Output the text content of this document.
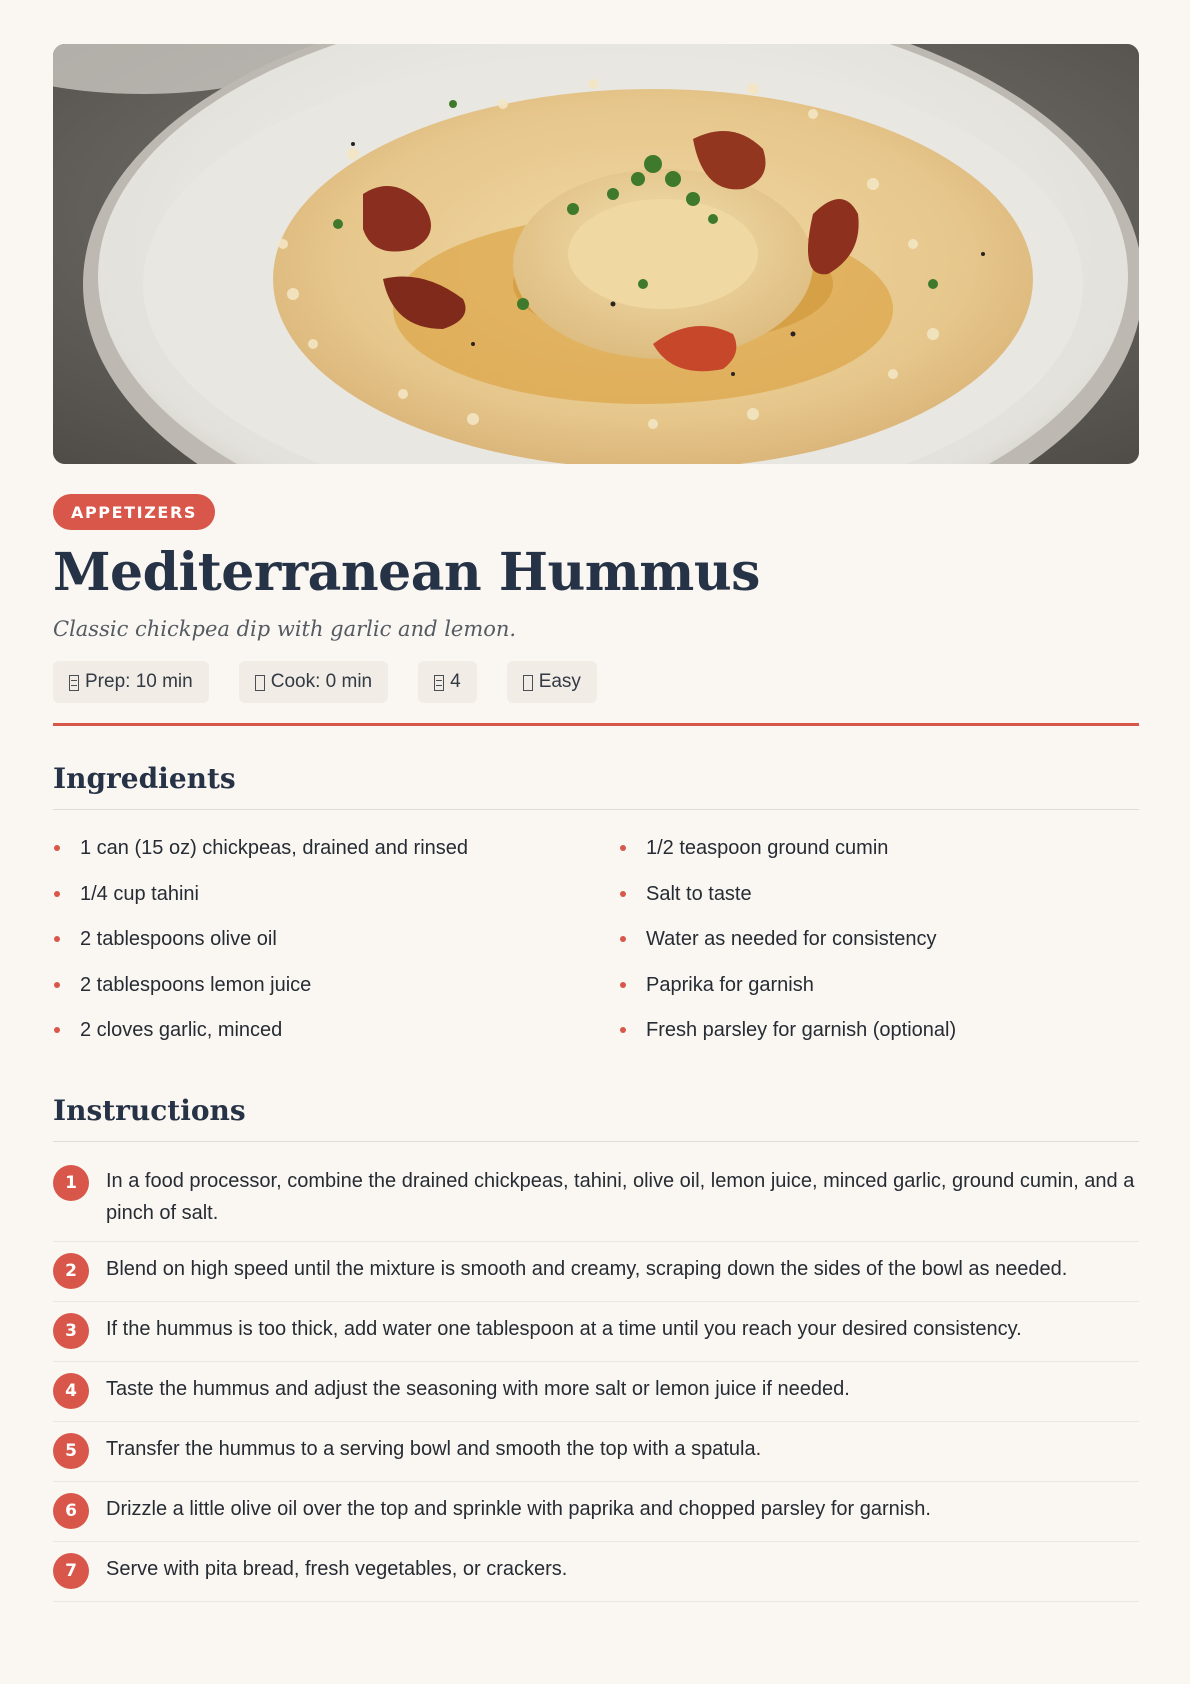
APPETIZERS
Mediterranean Hummus

Classic chickpea dip with garlic and lemon.

Prep: 10 min	Cook: 0 min	4	Easy
Ingredients
1 can (15 oz) chickpeas, drained and rinsed
1/4 cup tahini
2 tablespoons olive oil
2 tablespoons lemon juice
2 cloves garlic, minced
1/2 teaspoon ground cumin
Salt to taste
Water as needed for consistency
Paprika for garnish
Fresh parsley for garnish (optional)
Instructions
1	In a food processor, combine the drained chickpeas, tahini, olive oil, lemon juice, minced garlic, ground cumin, and a pinch of salt.
2	Blend on high speed until the mixture is smooth and creamy, scraping down the sides of the bowl as needed.
3	If the hummus is too thick, add water one tablespoon at a time until you reach your desired consistency.
4	Taste the hummus and adjust the seasoning with more salt or lemon juice if needed.
5	Transfer the hummus to a serving bowl and smooth the top with a spatula.
6	Drizzle a little olive oil over the top and sprinkle with paprika and chopped parsley for garnish.
7	Serve with pita bread, fresh vegetables, or crackers.
